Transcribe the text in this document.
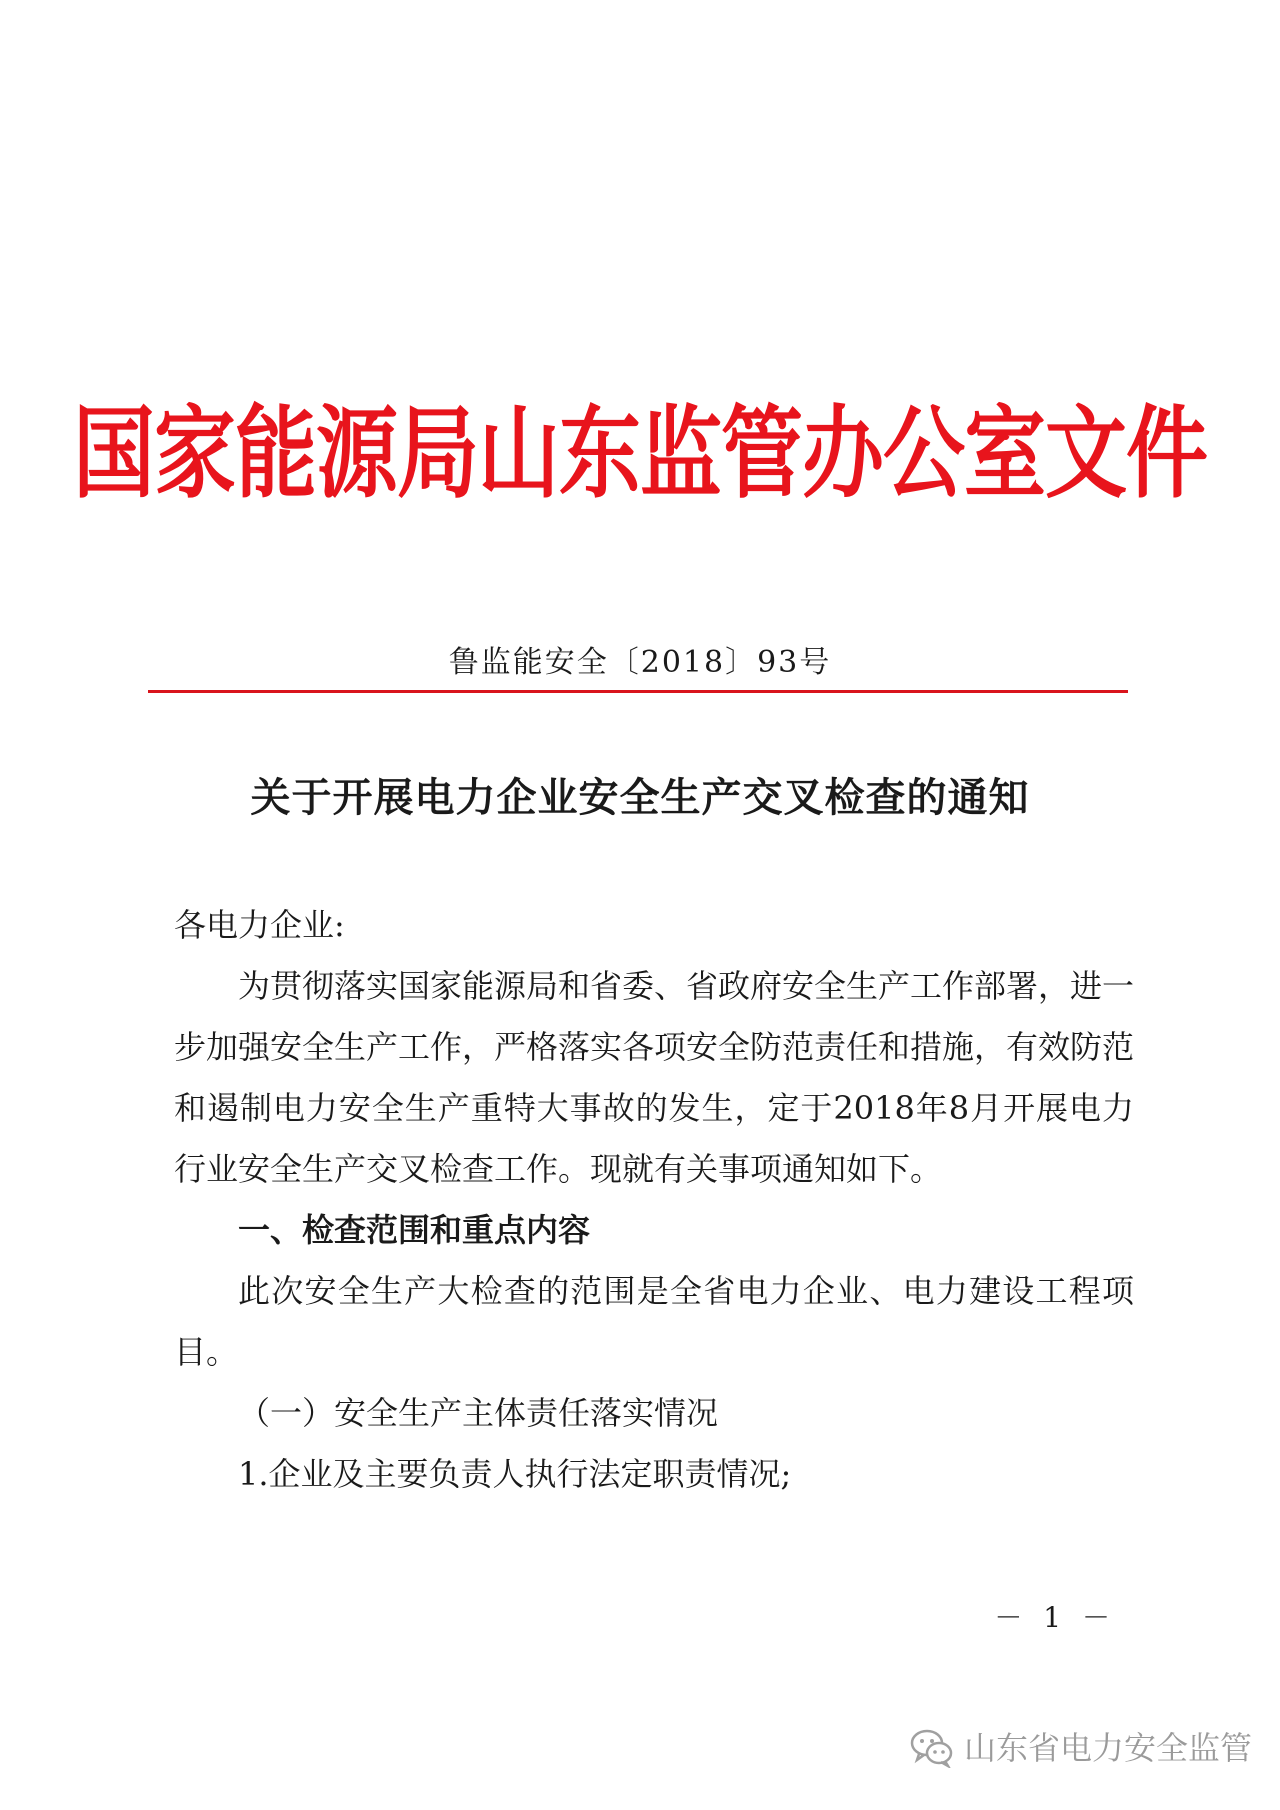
国家能源局山东监管办公室文件
鲁监能安全〔2018〕93号
关于开展电力企业安全生产交叉检查的通知

各电力企业:

为贯彻落实国家能源局和省委、省政府安全生产工作部署，进一步加强安全生产工作，严格落实各项安全防范责任和措施，有效防范和遏制电力安全生产重特大事故的发生，定于2018年8月开展电力行业安全生产交叉检查工作。现就有关事项通知如下。

一、检查范围和重点内容

此次安全生产大检查的范围是全省电力企业、电力建设工程项目。

（一）安全生产主体责任落实情况

1.企业及主要负责人执行法定职责情况;

－ 1 －
山东省电力安全监管
